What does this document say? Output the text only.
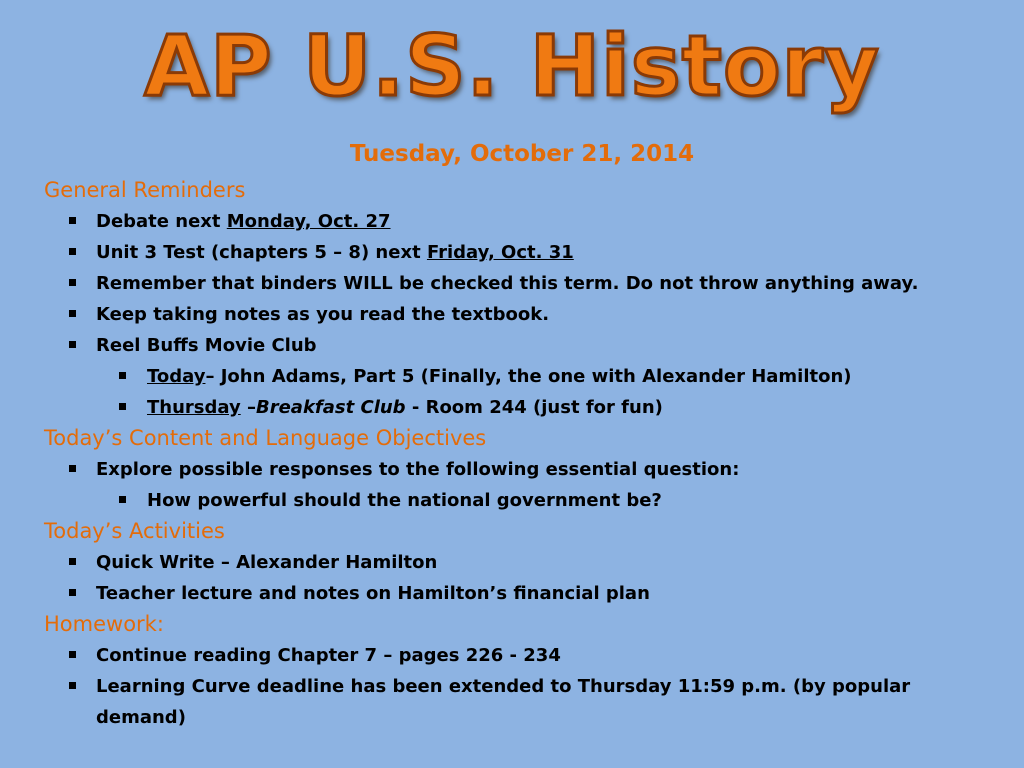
AP U.S. History
Tuesday, October 21, 2014
General Reminders
Debate next Monday, Oct. 27
Unit 3 Test (chapters 5 – 8) next Friday, Oct. 31
Remember that binders WILL be checked this term. Do not throw anything away.
Keep taking notes as you read the textbook.
Reel Buffs Movie Club
Today– John Adams, Part 5 (Finally, the one with Alexander Hamilton)
Thursday –Breakfast Club - Room 244 (just for fun)
Today’s Content and Language Objectives
Explore possible responses to the following essential question:
How powerful should the national government be?
Today’s Activities
Quick Write – Alexander Hamilton
Teacher lecture and notes on Hamilton’s financial plan
Homework:
Continue reading Chapter 7 – pages 226 - 234
Learning Curve deadline has been extended to Thursday 11:59 p.m. (by popular demand)
